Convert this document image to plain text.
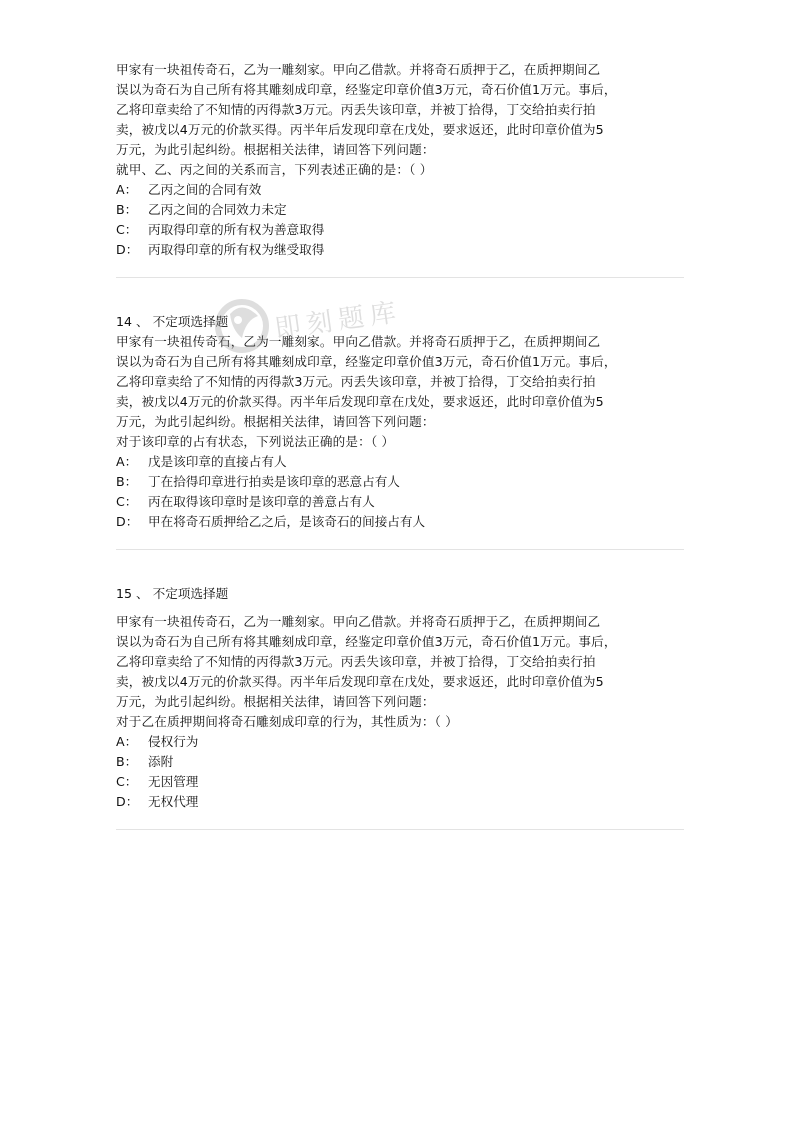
甲家有一块祖传奇石，乙为一雕刻家。甲向乙借款。并将奇石质押于乙，在质押期间乙
误以为奇石为自己所有将其雕刻成印章，经鉴定印章价值3万元，奇石价值1万元。事后，
乙将印章卖给了不知情的丙得款3万元。丙丢失该印章，并被丁拾得，丁交给拍卖行拍
卖，被戊以4万元的价款买得。丙半年后发现印章在戊处，要求返还，此时印章价值为5
万元，为此引起纠纷。根据相关法律，请回答下列问题：
就甲、乙、丙之间的关系而言，下列表述正确的是：（ ）
A： 乙丙之间的合同有效
B： 乙丙之间的合同效力未定
C： 丙取得印章的所有权为善意取得
D： 丙取得印章的所有权为继受取得
14 、 不定项选择题
甲家有一块祖传奇石，乙为一雕刻家。甲向乙借款。并将奇石质押于乙，在质押期间乙
误以为奇石为自己所有将其雕刻成印章，经鉴定印章价值3万元，奇石价值1万元。事后，
乙将印章卖给了不知情的丙得款3万元。丙丢失该印章，并被丁拾得，丁交给拍卖行拍
卖，被戊以4万元的价款买得。丙半年后发现印章在戊处，要求返还，此时印章价值为5
万元，为此引起纠纷。根据相关法律，请回答下列问题：
对于该印章的占有状态，下列说法正确的是：（ ）
A： 戊是该印章的直接占有人
B： 丁在拾得印章进行拍卖是该印章的恶意占有人
C： 丙在取得该印章时是该印章的善意占有人
D： 甲在将奇石质押给乙之后，是该奇石的间接占有人
15 、 不定项选择题
甲家有一块祖传奇石，乙为一雕刻家。甲向乙借款。并将奇石质押于乙，在质押期间乙
误以为奇石为自己所有将其雕刻成印章，经鉴定印章价值3万元，奇石价值1万元。事后，
乙将印章卖给了不知情的丙得款3万元。丙丢失该印章，并被丁拾得，丁交给拍卖行拍
卖，被戊以4万元的价款买得。丙半年后发现印章在戊处，要求返还，此时印章价值为5
万元，为此引起纠纷。根据相关法律，请回答下列问题：
对于乙在质押期间将奇石雕刻成印章的行为，其性质为：（ ）
A： 侵权行为
B： 添附
C： 无因管理
D： 无权代理
即刻题库
